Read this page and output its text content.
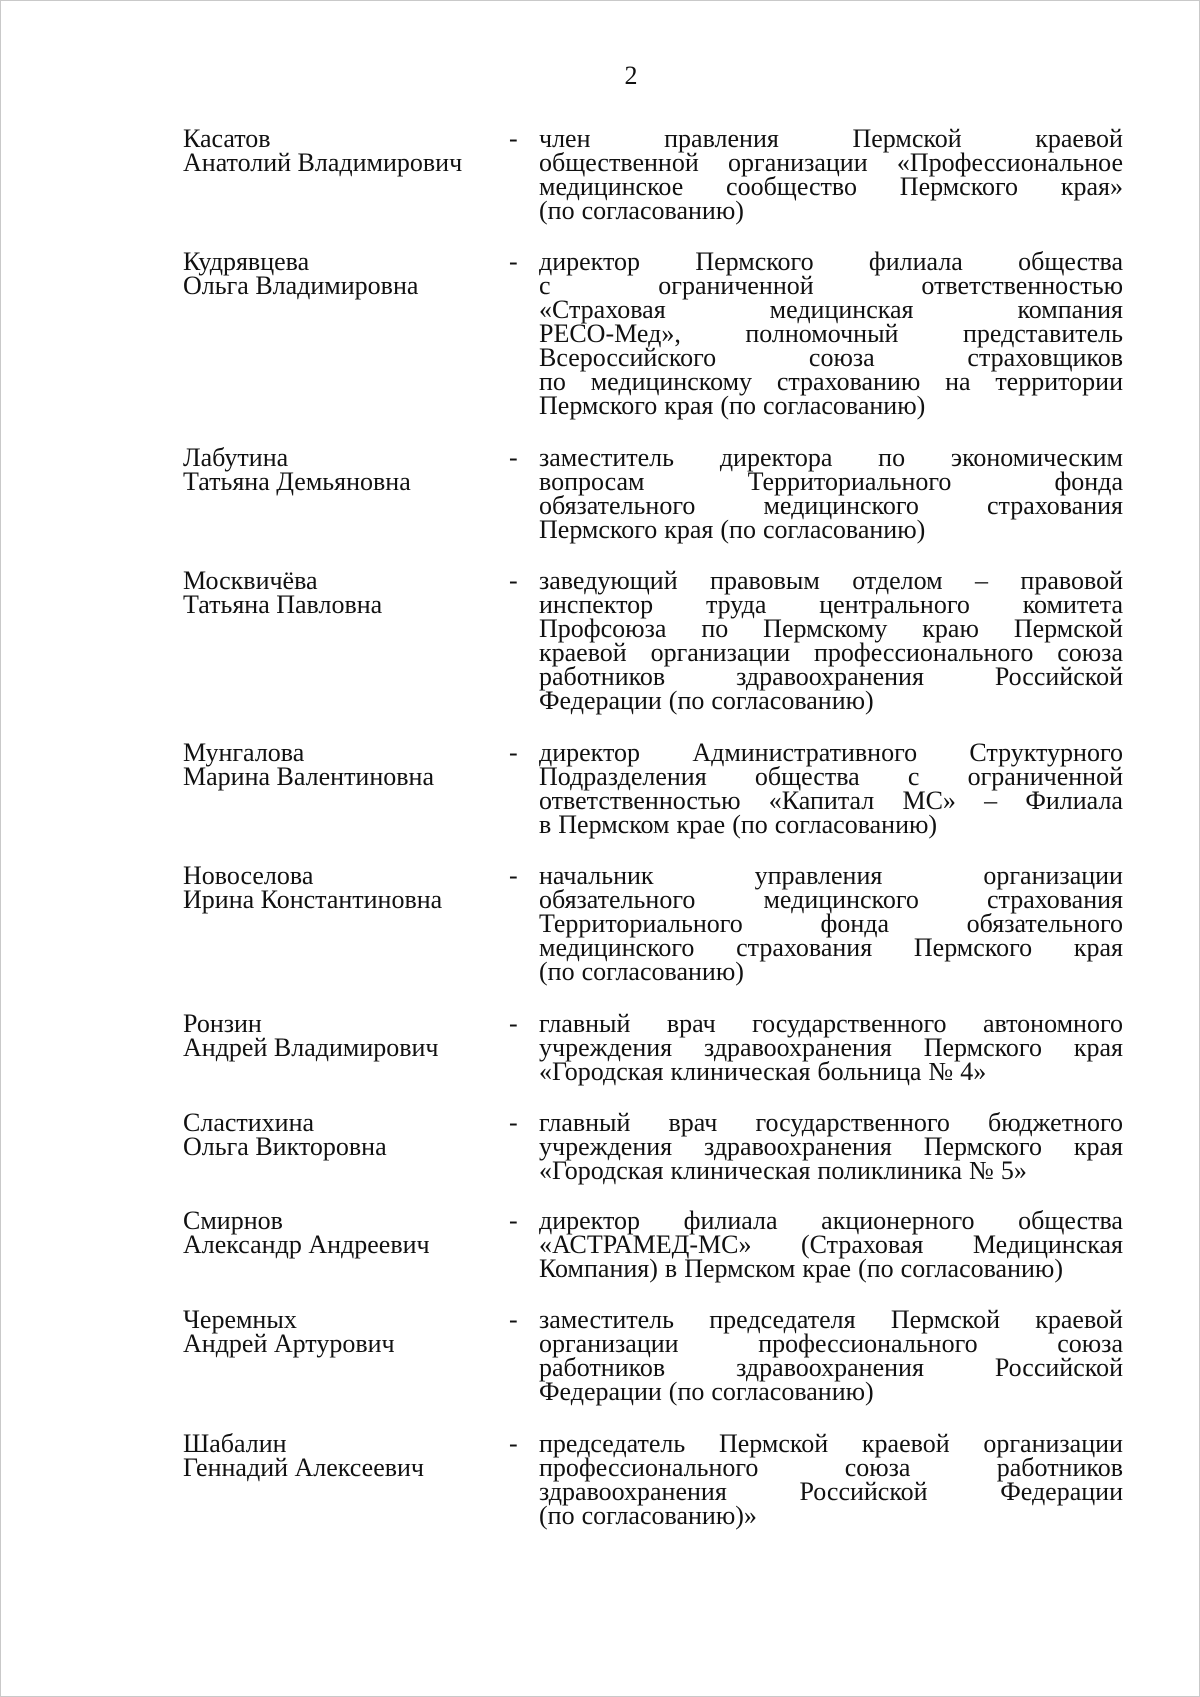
2
Касатов
Анатолий Владимирович
- член	правления	Пермской	краевой
общественной организации «Профессиональное
медицинское сообщество Пермского края»
(по согласованию)
Кудрявцева
Ольга Владимировна
- директор Пермского филиала общества
с	ограниченной	ответственностью
«Страховая	медицинская	компания
РЕСО-Мед», полномочный представитель
Всероссийского	союза	страховщиков
по медицинскому страхованию на территории
Пермского края (по согласованию)
Лабутина
Татьяна Демьяновна
- заместитель директора по экономическим
вопросам	Территориального	фонда
обязательного	медицинского	страхования
Пермского края (по согласованию)
Москвичёва
Татьяна Павловна
- заведующий правовым отделом – правовой
инспектор труда центрального комитета
Профсоюза по Пермскому краю Пермской
краевой организации профессионального союза
работников	здравоохранения	Российской
Федерации (по согласованию)
Мунгалова
Марина Валентиновна
- директор Административного Структурного
Подразделения общества с ограниченной
ответственностью «Капитал МС» – Филиала
в Пермском крае (по согласованию)
Новоселова
Ирина Константиновна
- начальник	управления	организации
обязательного	медицинского	страхования
Территориального	фонда	обязательного
медицинского страхования Пермского края
(по согласованию)
Ронзин
Андрей Владимирович
- главный врач государственного автономного
учреждения здравоохранения Пермского края
«Городская клиническая больница № 4»
Сластихина
Ольга Викторовна
- главный врач государственного бюджетного
учреждения здравоохранения Пермского края
«Городская клиническая поликлиника № 5»
Смирнов
Александр Андреевич
- директор филиала акционерного общества
«АСТРАМЕД-МС» (Страховая Медицинская
Компания) в Пермском крае (по согласованию)
Черемных
Андрей Артурович
- заместитель председателя Пермской краевой
организации	профессионального	союза
работников	здравоохранения	Российской
Федерации (по согласованию)
Шабалин
Геннадий Алексеевич
- председатель Пермской краевой организации
профессионального	союза	работников
здравоохранения	Российской	Федерации
(по согласованию)»
